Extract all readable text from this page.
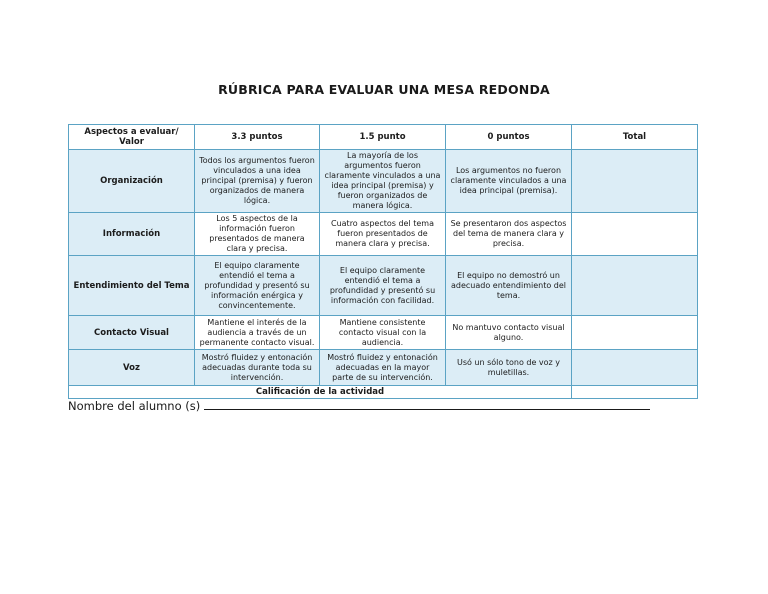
RÚBRICA PARA EVALUAR UNA MESA REDONDA
Aspectos a evaluar/ Valor	3.3 puntos	1.5 punto	0 puntos	Total
Organización	Todos los argumentos fueron vinculados a una idea principal (premisa) y fueron organizados de manera lógica.	La mayoría de los argumentos fueron claramente vinculados a una idea principal (premisa) y fueron organizados de manera lógica.	Los argumentos no fueron claramente vinculados a una idea principal (premisa).	
Información	Los 5 aspectos de la información fueron presentados de manera clara y precisa.	Cuatro aspectos del tema fueron presentados de manera clara y precisa.	Se presentaron dos aspectos del tema de manera clara y precisa.	
Entendimiento del Tema	El equipo claramente entendió el tema a profundidad y presentó su información enérgica y convincentemente.	El equipo claramente entendió el tema a profundidad y presentó su información con facilidad.	El equipo no demostró un adecuado entendimiento del tema.	
Contacto Visual	Mantiene el interés de la audiencia a través de un permanente contacto visual.	Mantiene consistente contacto visual con la audiencia.	No mantuvo contacto visual alguno.	
Voz	Mostró fluidez y entonación adecuadas durante toda su intervención.	Mostró fluidez y entonación adecuadas en la mayor parte de su intervención.	Usó un sólo tono de voz y muletillas.	
Calificación de la actividad				
Nombre del alumno (s)
